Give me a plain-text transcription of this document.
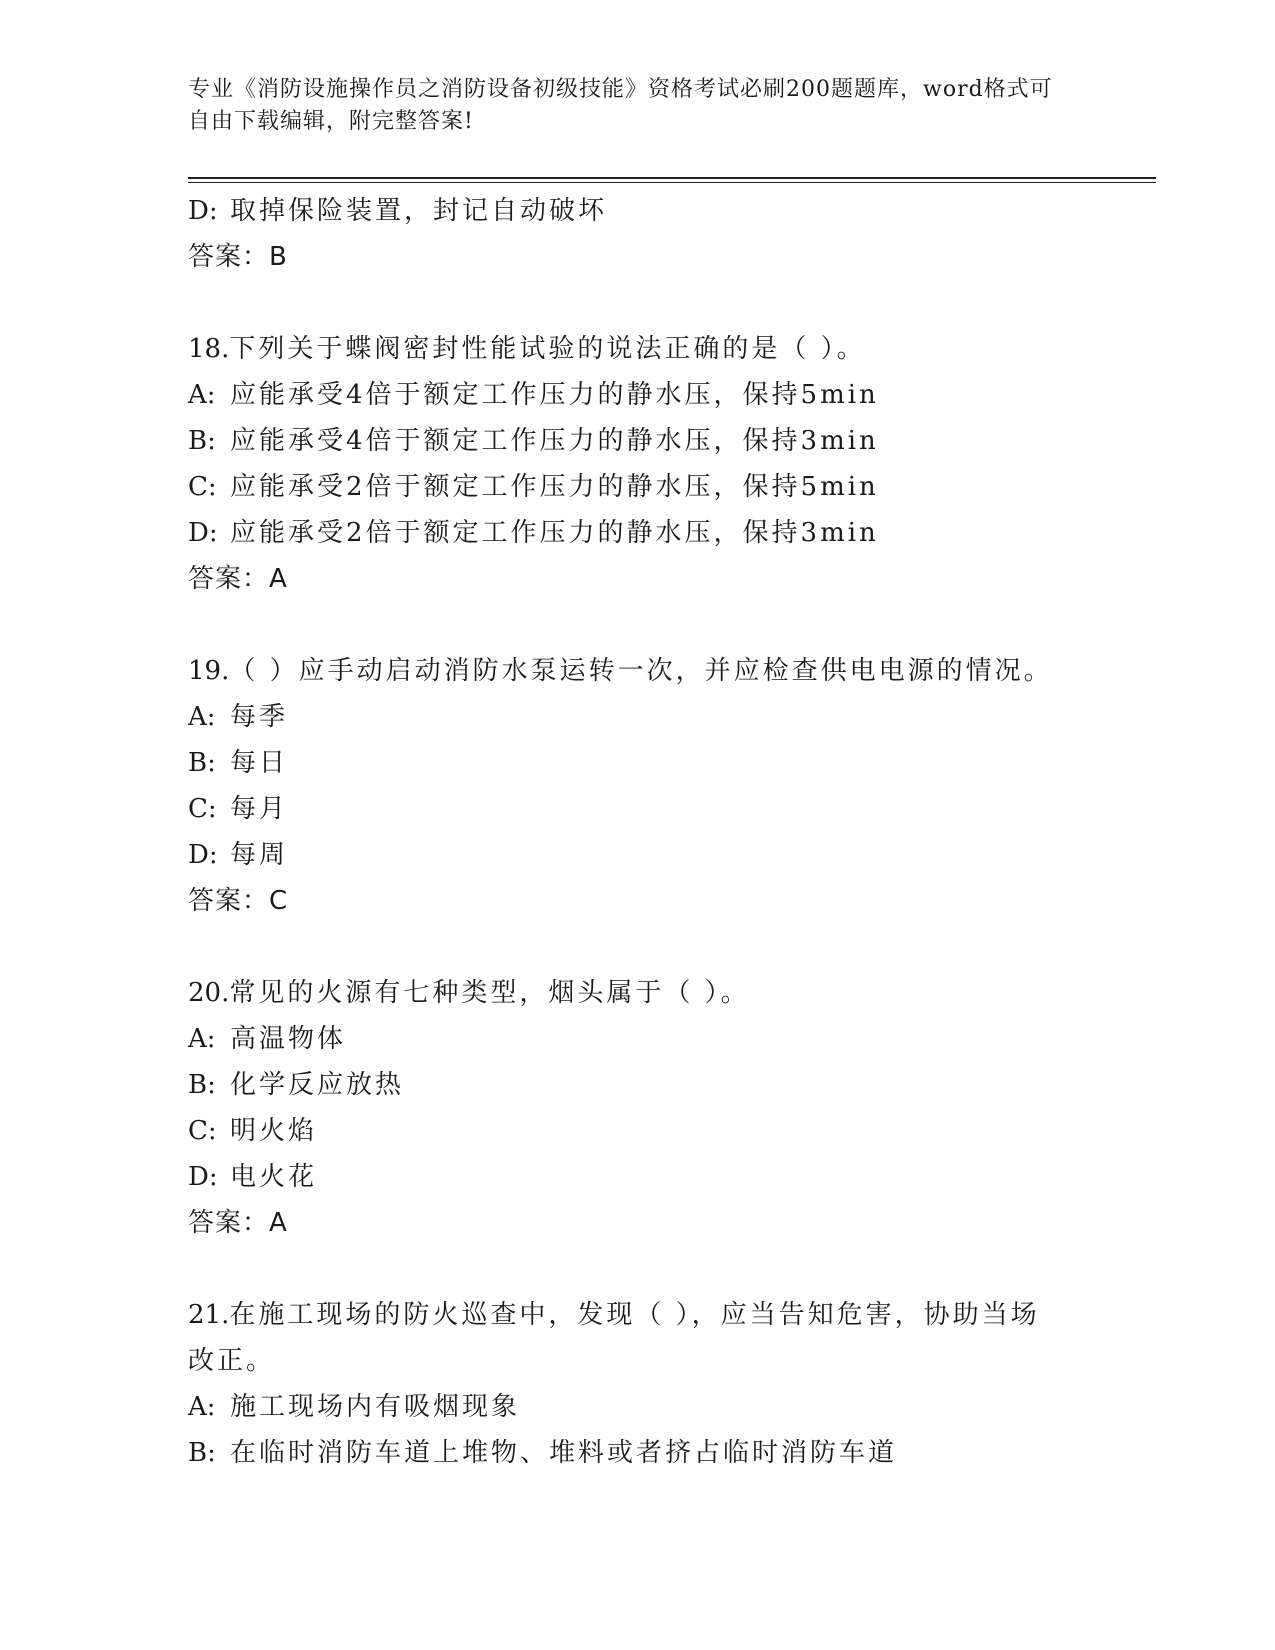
专业《消防设施操作员之消防设备初级技能》资格考试必刷200题题库，word格式可自由下载编辑，附完整答案!
D: 取掉保险装置，封记自动破坏
答案：B
18.下列关于蝶阀密封性能试验的说法正确的是（ ）。
A: 应能承受4倍于额定工作压力的静水压，保持5min
B: 应能承受4倍于额定工作压力的静水压，保持3min
C: 应能承受2倍于额定工作压力的静水压，保持5min
D: 应能承受2倍于额定工作压力的静水压，保持3min
答案：A
19.（ ）应手动启动消防水泵运转一次，并应检查供电电源的情况。
A: 每季
B: 每日
C: 每月
D: 每周
答案：C
20.常见的火源有七种类型，烟头属于（ ）。
A: 高温物体
B: 化学反应放热
C: 明火焰
D: 电火花
答案：A
21.在施工现场的防火巡查中，发现（ ），应当告知危害，协助当场
改正。
A: 施工现场内有吸烟现象
B: 在临时消防车道上堆物、堆料或者挤占临时消防车道
